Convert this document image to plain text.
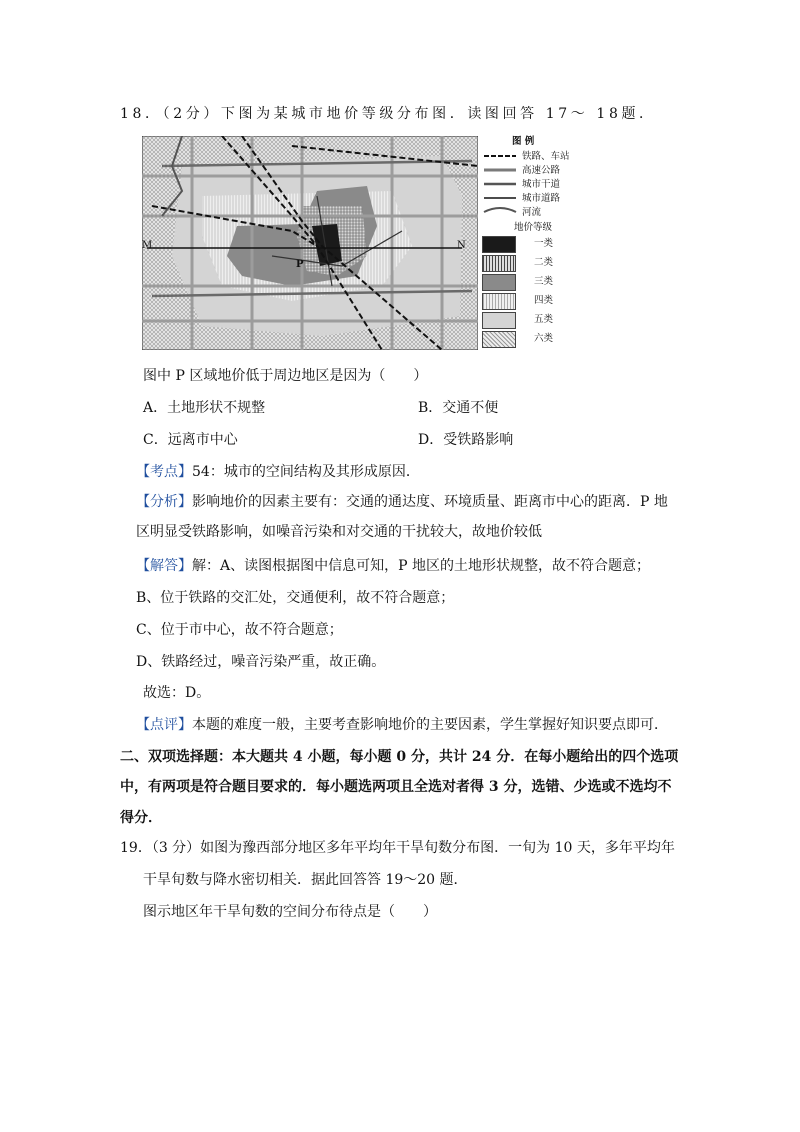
18．（2分）下图为某城市地价等级分布图．读图回答 17～ 18题．
M	N
P
图 例
铁路、车站
高速公路
城市干道
城市道路
河流
地价等级
一类
二类
三类
四类
五类
六类
图中 P 区域地价低于周边地区是因为（　　）
A．土地形状不规整	B．交通不便
C．远离市中心	D．受铁路影响
【考点】54：城市的空间结构及其形成原因．
【分析】影响地价的因素主要有：交通的通达度、环境质量、距离市中心的距离．P 地
区明显受铁路影响，如噪音污染和对交通的干扰较大，故地价较低
【解答】解：A、读图根据图中信息可知，P 地区的土地形状规整，故不符合题意；
B、位于铁路的交汇处，交通便利，故不符合题意；
C、位于市中心，故不符合题意；
D、铁路经过，噪音污染严重，故正确。
故选：D。
【点评】本题的难度一般，主要考查影响地价的主要因素，学生掌握好知识要点即可．
二、双项选择题：本大题共 4 小题，每小题 0 分，共计 24 分．在每小题给出的四个选项
中，有两项是符合题目要求的．每小题选两项且全选对者得 3 分，选错、少选或不选均不
得分．
19．（3 分）如图为豫西部分地区多年平均年干旱旬数分布图．一旬为 10 天，多年平均年
干旱旬数与降水密切相关．据此回答答 19～20 题．
图示地区年干旱旬数的空间分布待点是（　　）
